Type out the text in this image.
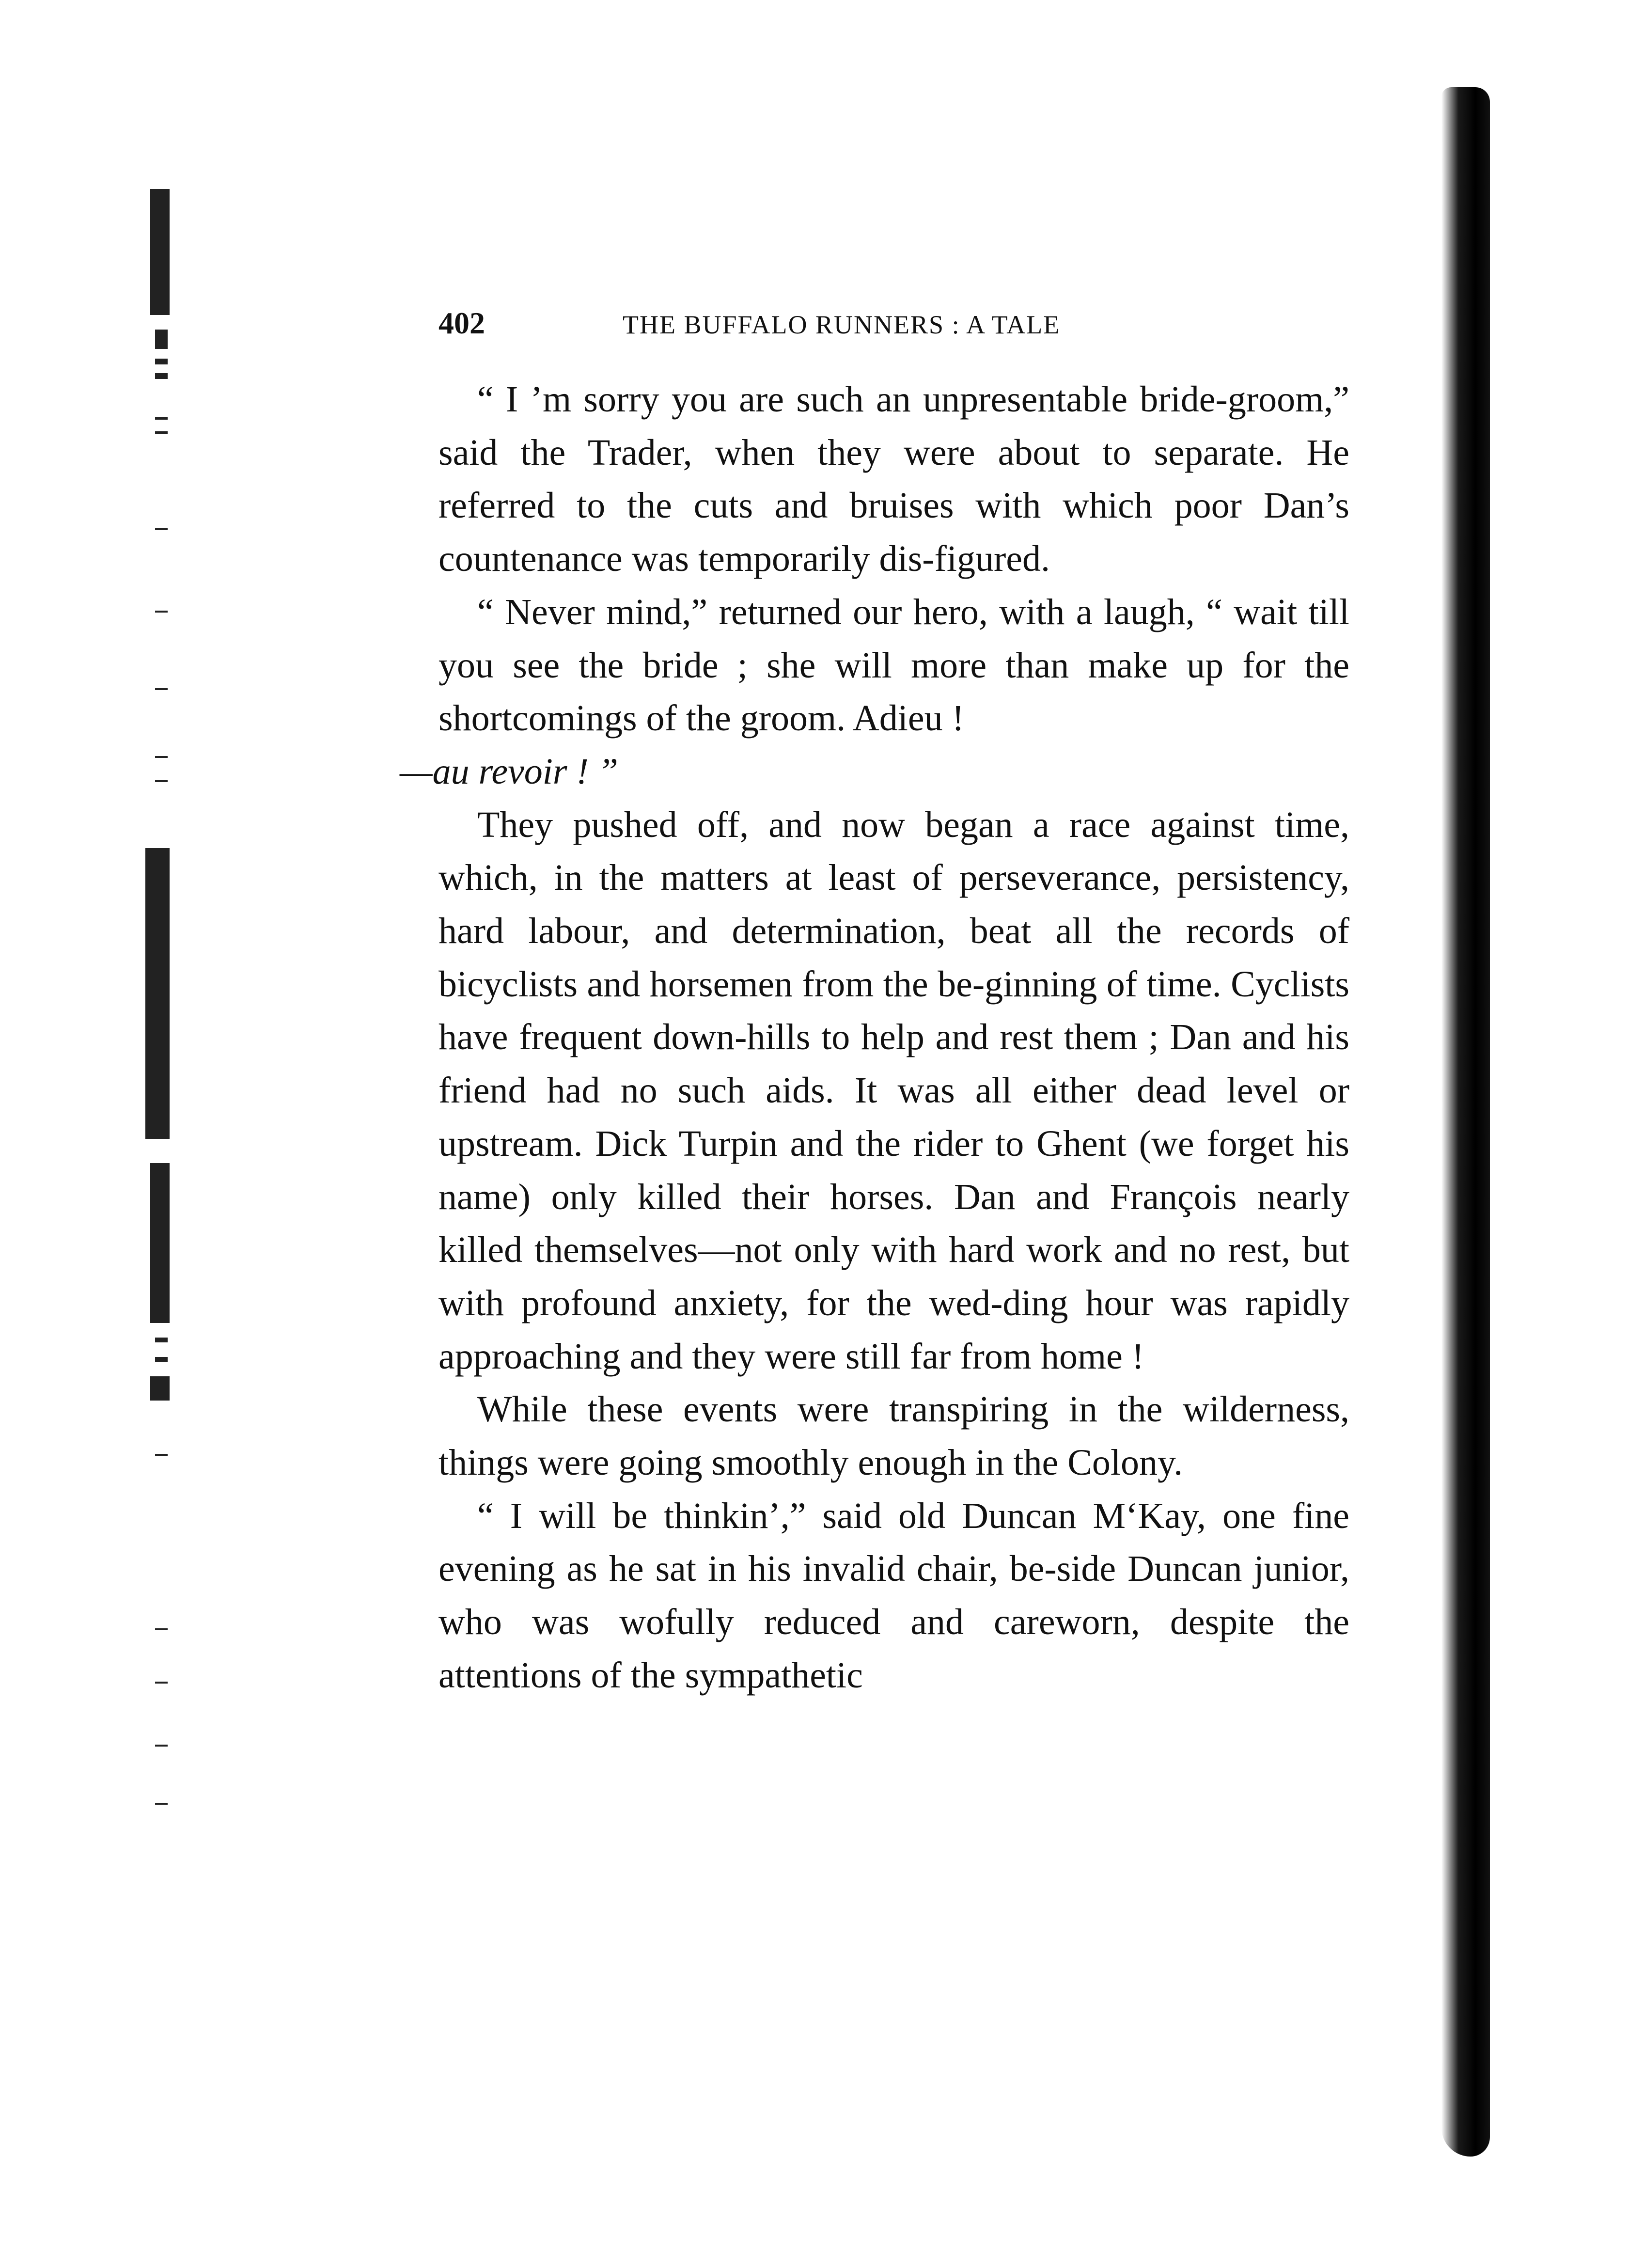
402	THE BUFFALO RUNNERS : A TALE

“ I ’m sorry you are such an unpresentable bride-groom,” said the Trader, when they were about to separate. He referred to the cuts and bruises with which poor Dan’s countenance was temporarily dis-figured.

“ Never mind,” returned our hero, with a laugh, “ wait till you see the bride ; she will more than make up for the shortcomings of the groom. Adieu !
—au revoir ! ”

They pushed off, and now began a race against time, which, in the matters at least of perseverance, persistency, hard labour, and determination, beat all the records of bicyclists and horsemen from the be-ginning of time. Cyclists have frequent down-hills to help and rest them ; Dan and his friend had no such aids. It was all either dead level or upstream. Dick Turpin and the rider to Ghent (we forget his name) only killed their horses. Dan and François nearly killed themselves—not only with hard work and no rest, but with profound anxiety, for the wed-ding hour was rapidly approaching and they were still far from home !

While these events were transpiring in the wilderness, things were going smoothly enough in the Colony.

“ I will be thinkin’,” said old Duncan M‘Kay, one fine evening as he sat in his invalid chair, be-side Duncan junior, who was wofully reduced and careworn, despite the attentions of the sympathetic
